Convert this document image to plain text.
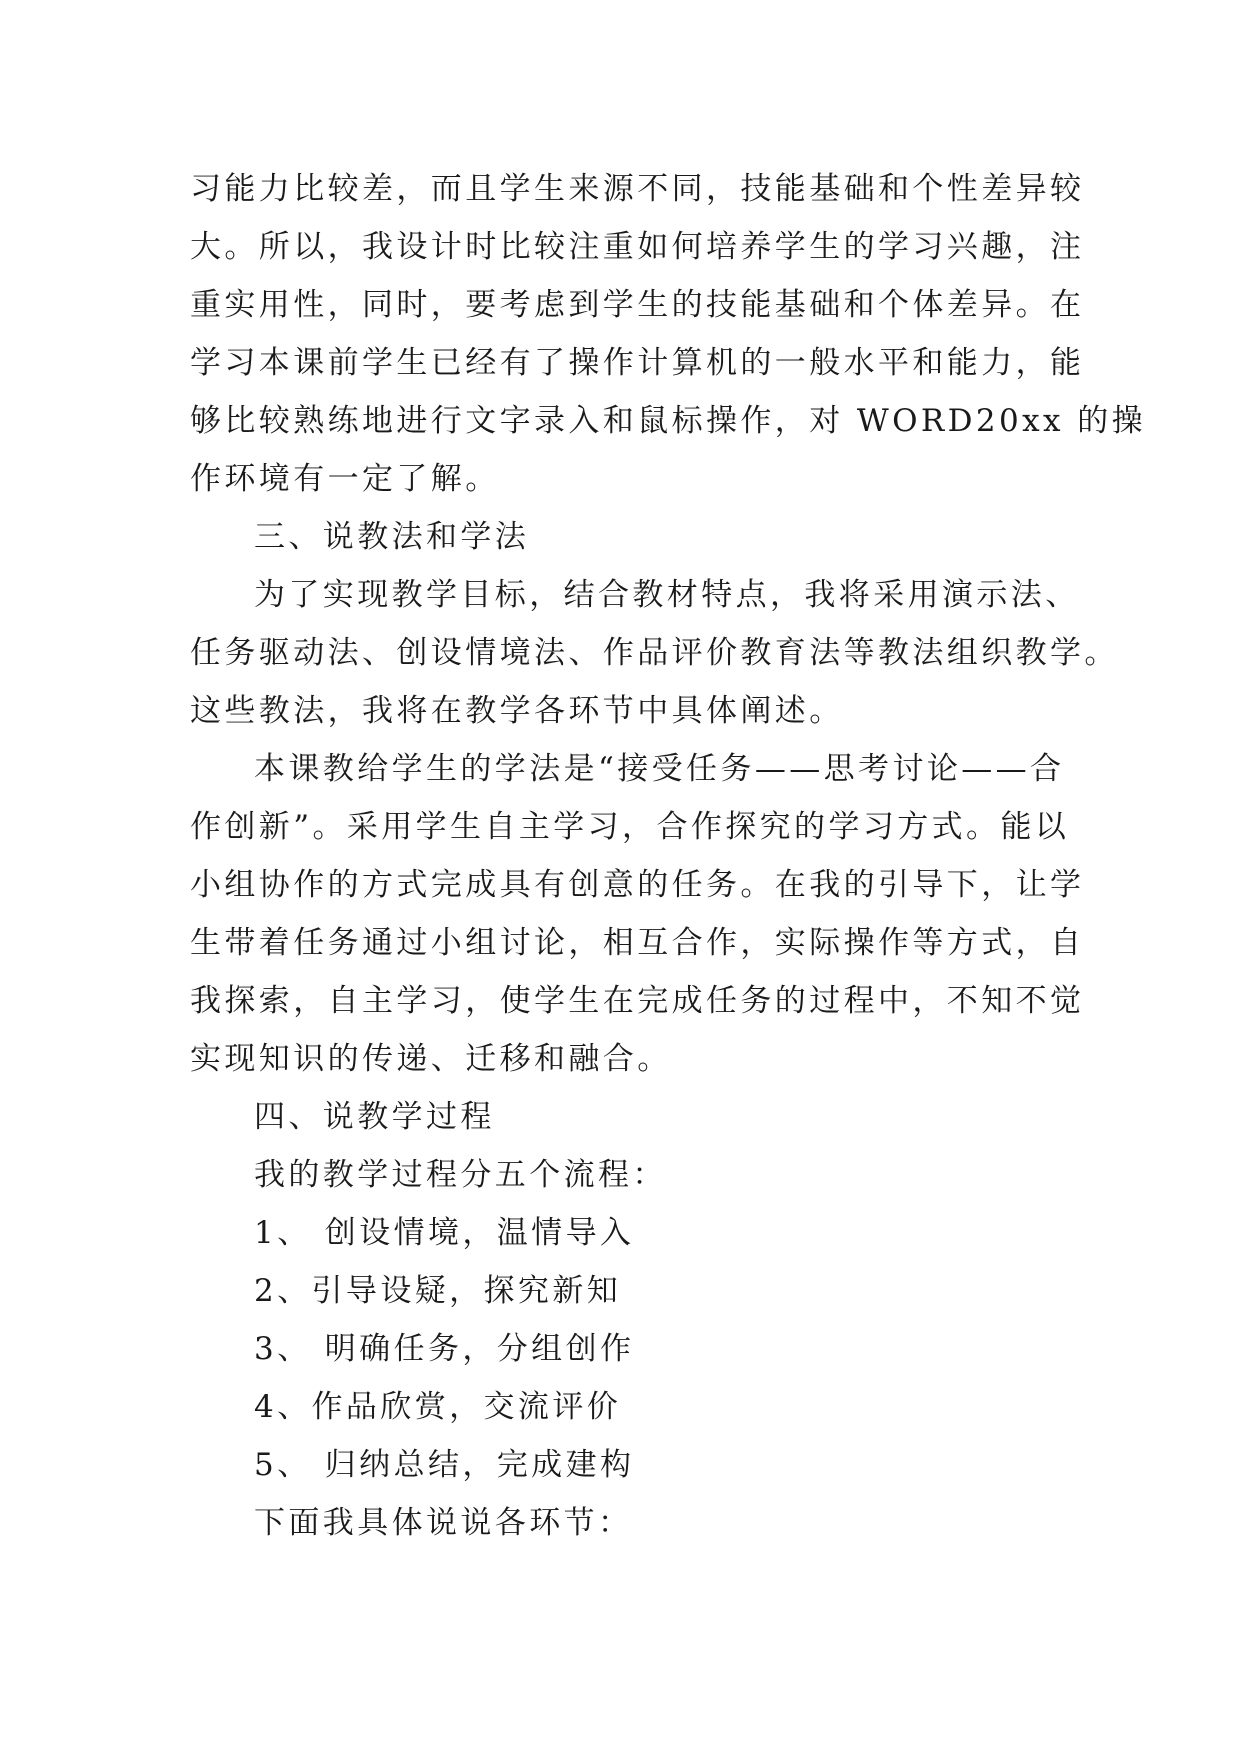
习能力比较差，而且学生来源不同，技能基础和个性差异较
大。所以，我设计时比较注重如何培养学生的学习兴趣，注
重实用性，同时，要考虑到学生的技能基础和个体差异。在
学习本课前学生已经有了操作计算机的一般水平和能力，能
够比较熟练地进行文字录入和鼠标操作，对 WORD20xx 的操
作环境有一定了解。
三、说教法和学法
为了实现教学目标，结合教材特点，我将采用演示法、
任务驱动法、创设情境法、作品评价教育法等教法组织教学。
这些教法，我将在教学各环节中具体阐述。
本课教给学生的学法是“接受任务——思考讨论——合
作创新”。采用学生自主学习，合作探究的学习方式。能以
小组协作的方式完成具有创意的任务。在我的引导下，让学
生带着任务通过小组讨论，相互合作，实际操作等方式，自
我探索，自主学习，使学生在完成任务的过程中，不知不觉
实现知识的传递、迁移和融合。
四、说教学过程
我的教学过程分五个流程：
1、 创设情境，温情导入
2、引导设疑，探究新知
3、 明确任务，分组创作
4、作品欣赏，交流评价
5、 归纳总结，完成建构
下面我具体说说各环节：
